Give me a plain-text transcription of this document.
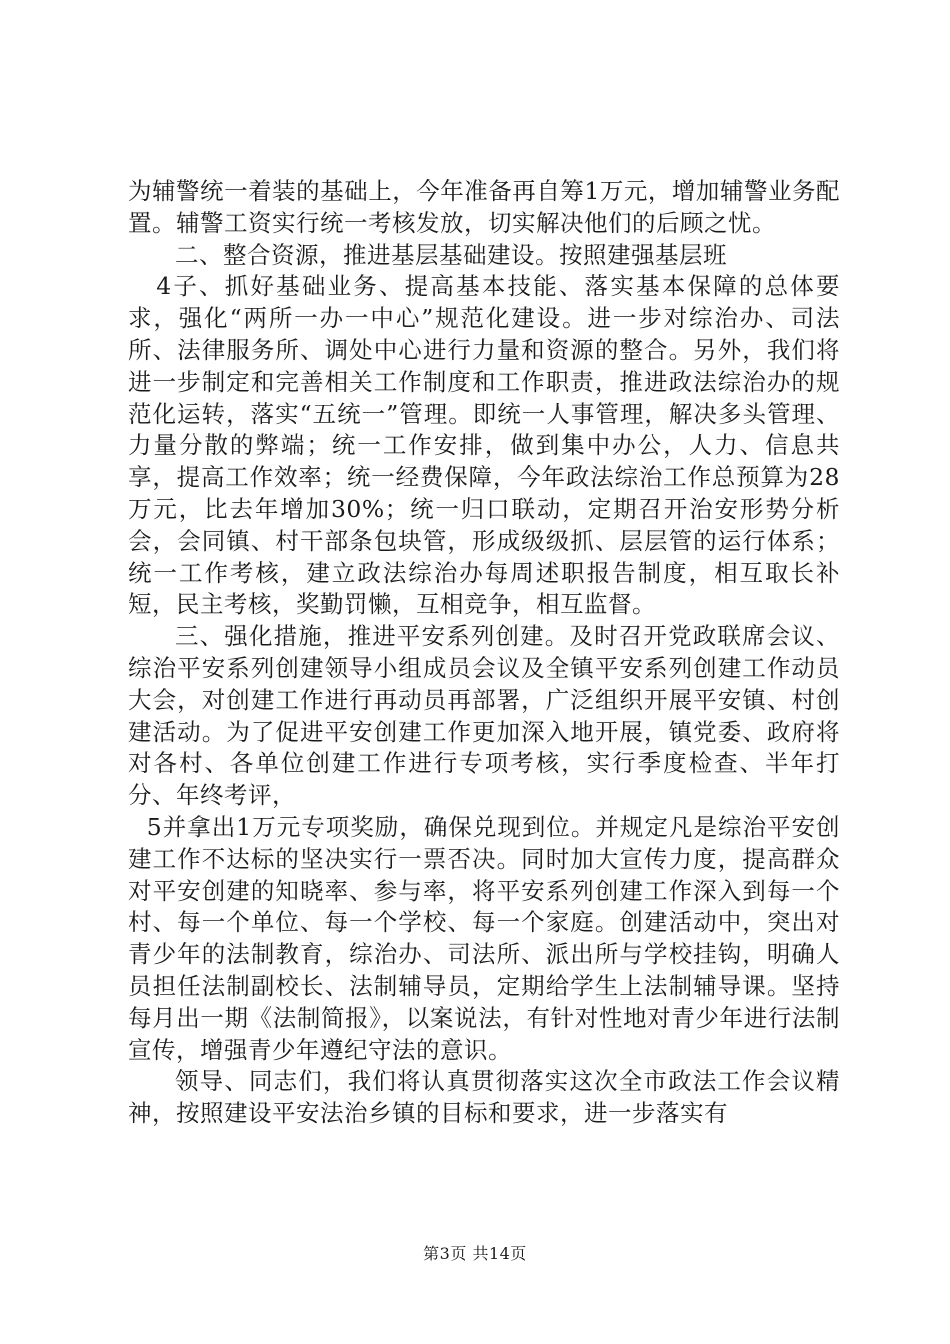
为辅警统一着装的基础上，今年准备再自筹1万元，增加辅警业务配置。辅警工资实行统一考核发放，切实解决他们的后顾之忧。

二、整合资源，推进基层基础建设。按照建强基层班

4子、抓好基础业务、提高基本技能、落实基本保障的总体要求，强化“两所一办一中心”规范化建设。进一步对综治办、司法所、法律服务所、调处中心进行力量和资源的整合。另外，我们将进一步制定和完善相关工作制度和工作职责，推进政法综治办的规范化运转，落实“五统一”管理。即统一人事管理，解决多头管理、力量分散的弊端；统一工作安排，做到集中办公，人力、信息共享，提高工作效率；统一经费保障，今年政法综治工作总预算为28万元，比去年增加30%；统一归口联动，定期召开治安形势分析会，会同镇、村干部条包块管，形成级级抓、层层管的运行体系；统一工作考核，建立政法综治办每周述职报告制度，相互取长补短，民主考核，奖勤罚懒，互相竞争，相互监督。

三、强化措施，推进平安系列创建。及时召开党政联席会议、综治平安系列创建领导小组成员会议及全镇平安系列创建工作动员大会，对创建工作进行再动员再部署，广泛组织开展平安镇、村创建活动。为了促进平安创建工作更加深入地开展，镇党委、政府将对各村、各单位创建工作进行专项考核，实行季度检查、半年打分、年终考评，

5并拿出1万元专项奖励，确保兑现到位。并规定凡是综治平安创建工作不达标的坚决实行一票否决。同时加大宣传力度，提高群众对平安创建的知晓率、参与率，将平安系列创建工作深入到每一个村、每一个单位、每一个学校、每一个家庭。创建活动中，突出对青少年的法制教育，综治办、司法所、派出所与学校挂钩，明确人员担任法制副校长、法制辅导员，定期给学生上法制辅导课。坚持每月出一期《法制简报》，以案说法，有针对性地对青少年进行法制宣传，增强青少年遵纪守法的意识。

领导、同志们，我们将认真贯彻落实这次全市政法工作会议精神，按照建设平安法治乡镇的目标和要求，进一步落实有

第3页 共14页
